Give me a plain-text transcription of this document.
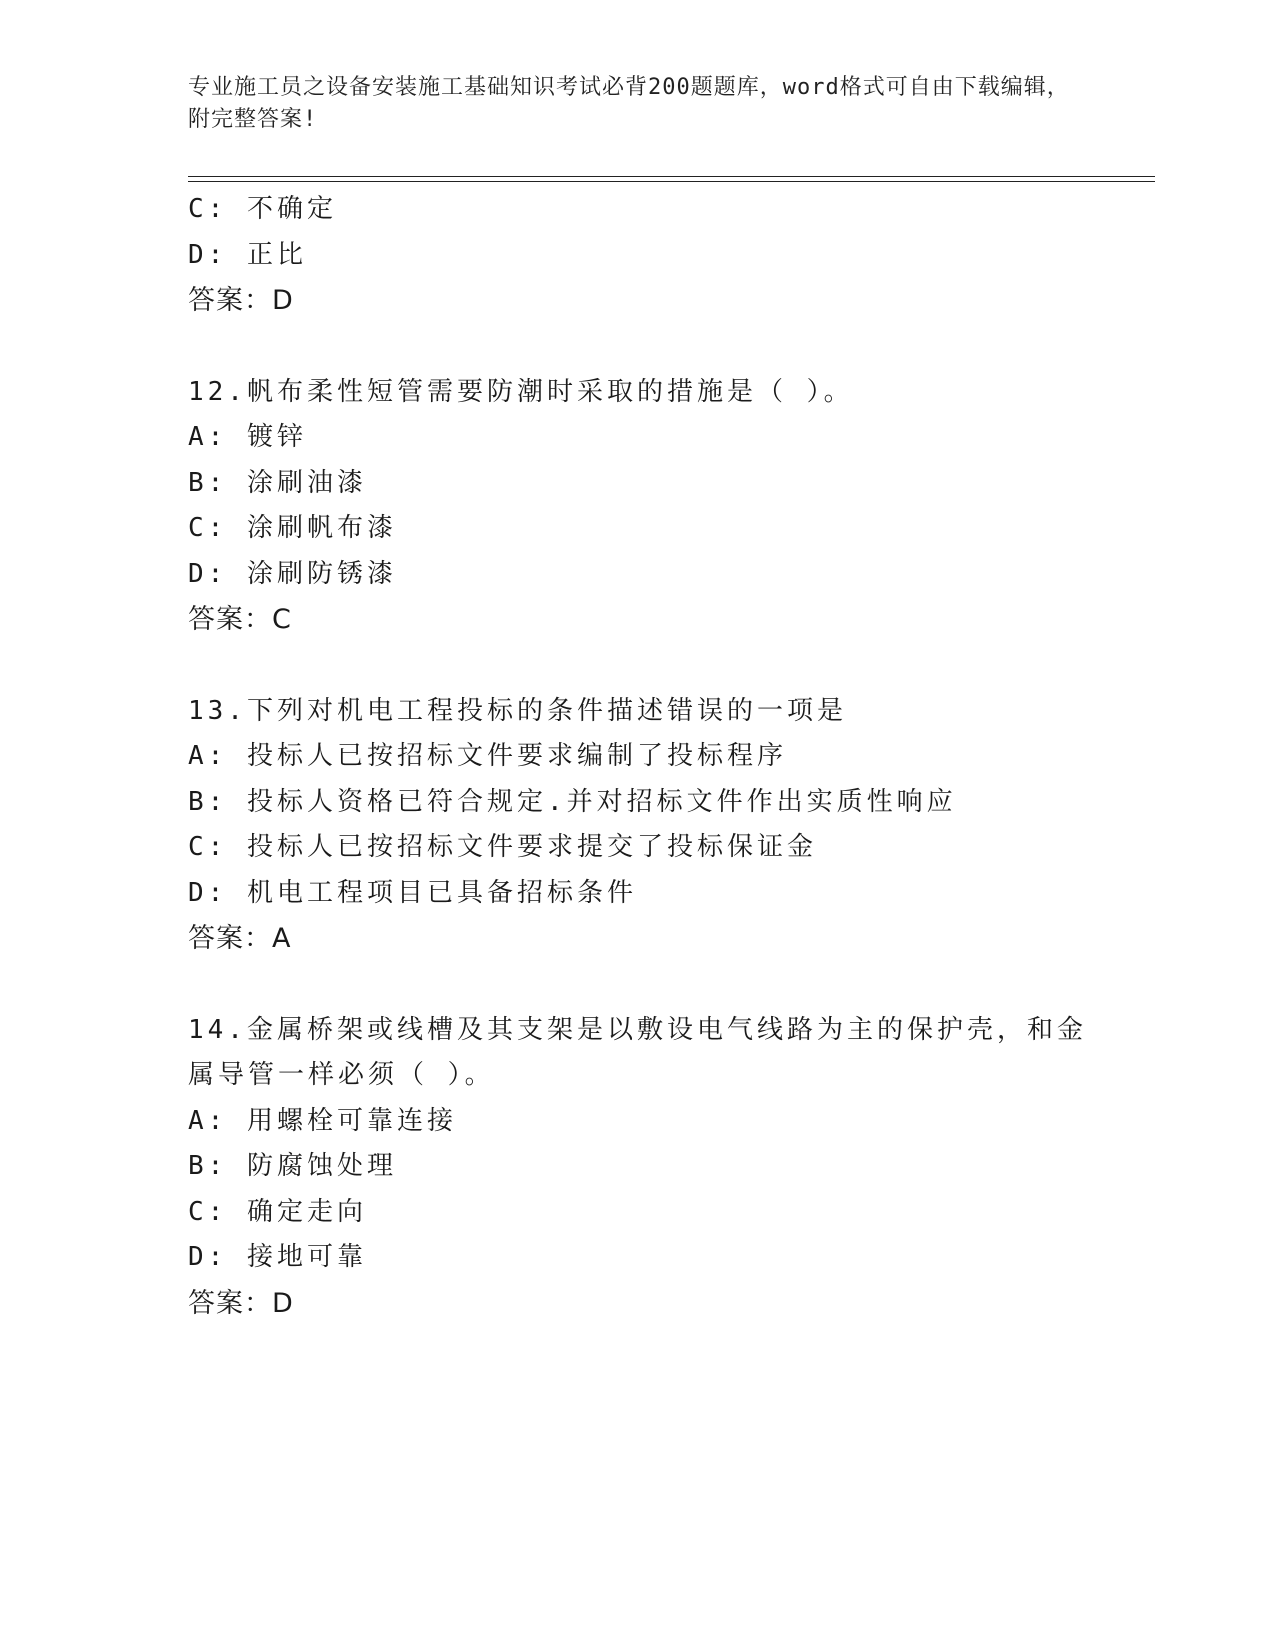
专业施工员之设备安装施工基础知识考试必背200题题库，word格式可自由下载编辑，附完整答案!
C: 不确定
D: 正比
答案：D
12.帆布柔性短管需要防潮时采取的措施是（ ）。
A: 镀锌
B: 涂刷油漆
C: 涂刷帆布漆
D: 涂刷防锈漆
答案：C
13.下列对机电工程投标的条件描述错误的一项是
A: 投标人已按招标文件要求编制了投标程序
B: 投标人资格已符合规定.并对招标文件作出实质性响应
C: 投标人已按招标文件要求提交了投标保证金
D: 机电工程项目已具备招标条件
答案：A
14.金属桥架或线槽及其支架是以敷设电气线路为主的保护壳，和金属导管一样必须（ ）。
A: 用螺栓可靠连接
B: 防腐蚀处理
C: 确定走向
D: 接地可靠
答案：D
